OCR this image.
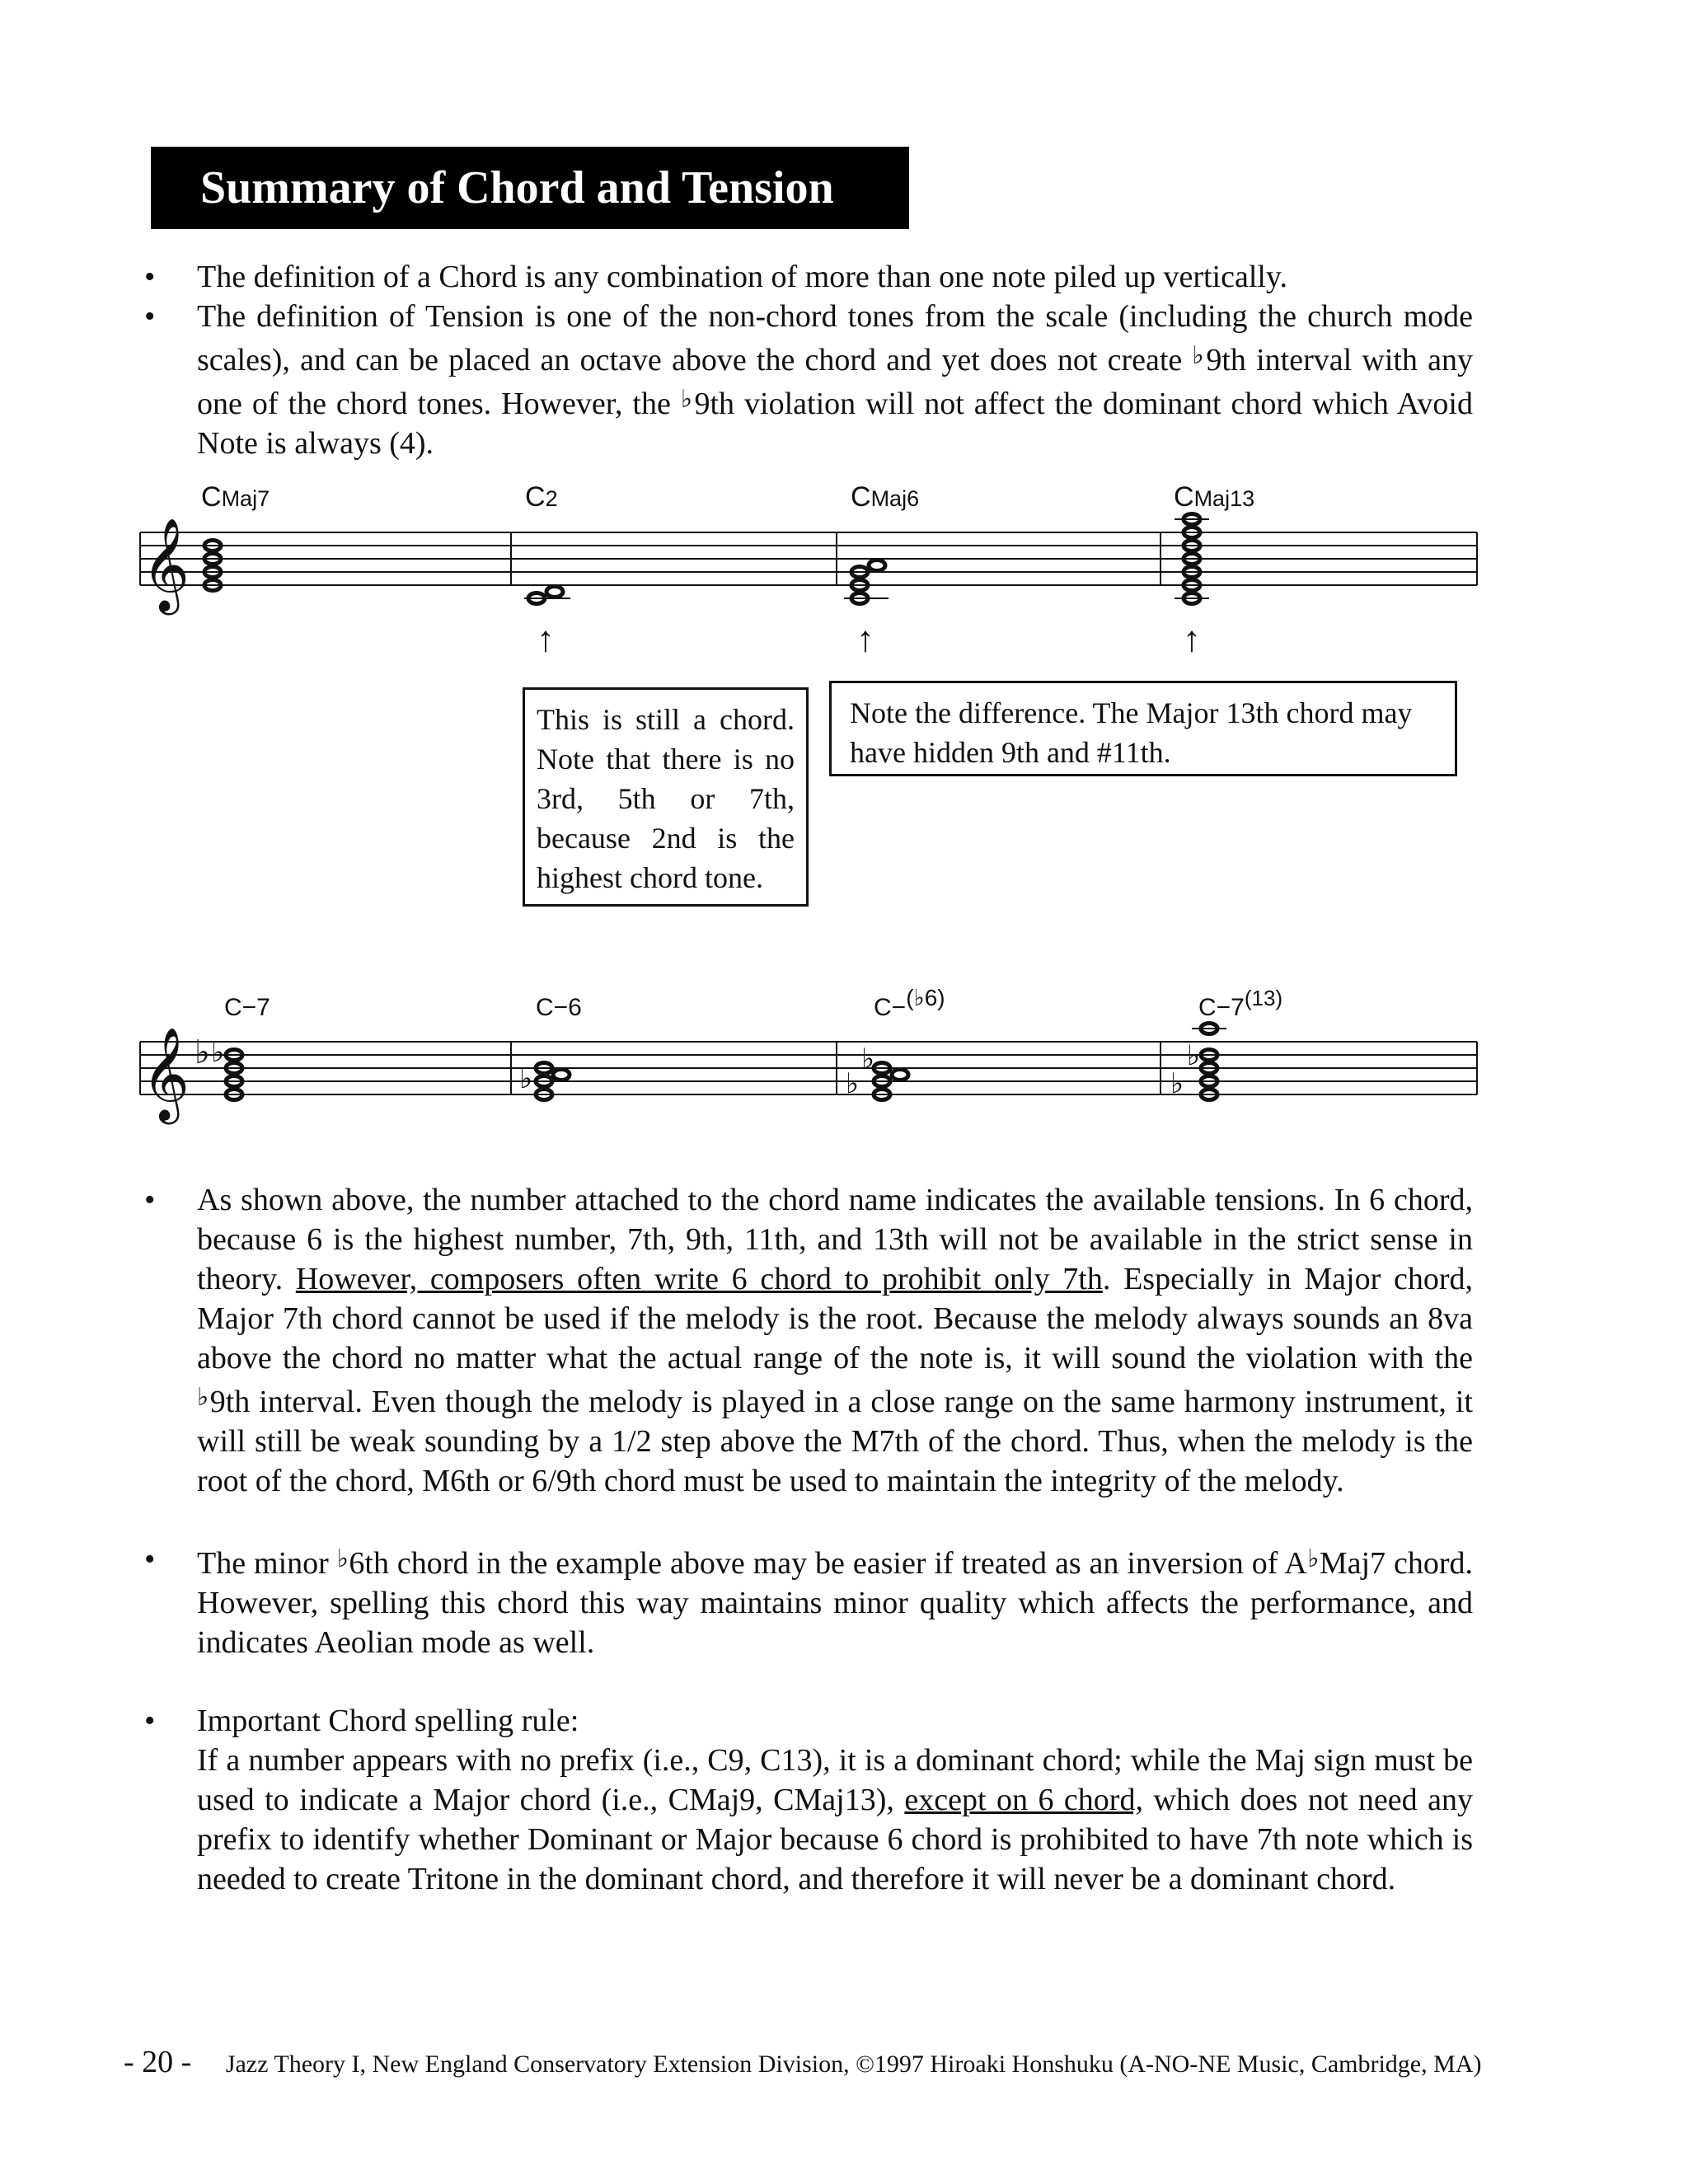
Summary of Chord and Tension
•	The definition of a Chord is any combination of more than one note piled up vertically.
•	The definition of Tension is one of the non-chord tones from the scale (including the church mode scales), and can be placed an octave above the chord and yet does not create ♭9th interval with any one of the chord tones. However, the ♭9th violation will not affect the dominant chord which Avoid Note is always (4).
𝄞
CMaj7	C2	CMaj6	CMaj13
↑	↑	↑
𝄞 ♭
C−7	C−6	C−(♭6)	C−7(13)
♭
♭	♭
♭
♭
♭
This is still a chord. Note that there is no 3rd, 5th or 7th, because 2nd is the highest chord tone.
Note the difference. The Major 13th chord may have hidden 9th and #11th.
•	As shown above, the number attached to the chord name indicates the available tensions. In 6 chord, because 6 is the highest number, 7th, 9th, 11th, and 13th will not be available in the strict sense in theory. However, composers often write 6 chord to prohibit only 7th. Especially in Major chord, Major 7th chord cannot be used if the melody is the root. Because the melody always sounds an 8va above the chord no matter what the actual range of the note is, it will sound the violation with the ♭9th interval. Even though the melody is played in a close range on the same harmony instrument, it will still be weak sounding by a 1/2 step above the M7th of the chord. Thus, when the melody is the root of the chord, M6th or 6/9th chord must be used to maintain the integrity of the melody.
•	The minor ♭6th chord in the example above may be easier if treated as an inversion of A♭Maj7 chord. However, spelling this chord this way maintains minor quality which affects the performance, and indicates Aeolian mode as well.
•	Important Chord spelling rule:
If a number appears with no prefix (i.e., C9, C13), it is a dominant chord; while the Maj sign must be used to indicate a Major chord (i.e., CMaj9, CMaj13), except on 6 chord, which does not need any prefix to identify whether Dominant or Major because 6 chord is prohibited to have 7th note which is needed to create Tritone in the dominant chord, and therefore it will never be a dominant chord.
- 20 - Jazz Theory I, New England Conservatory Extension Division, ©1997 Hiroaki Honshuku (A-NO-NE Music, Cambridge, MA)
